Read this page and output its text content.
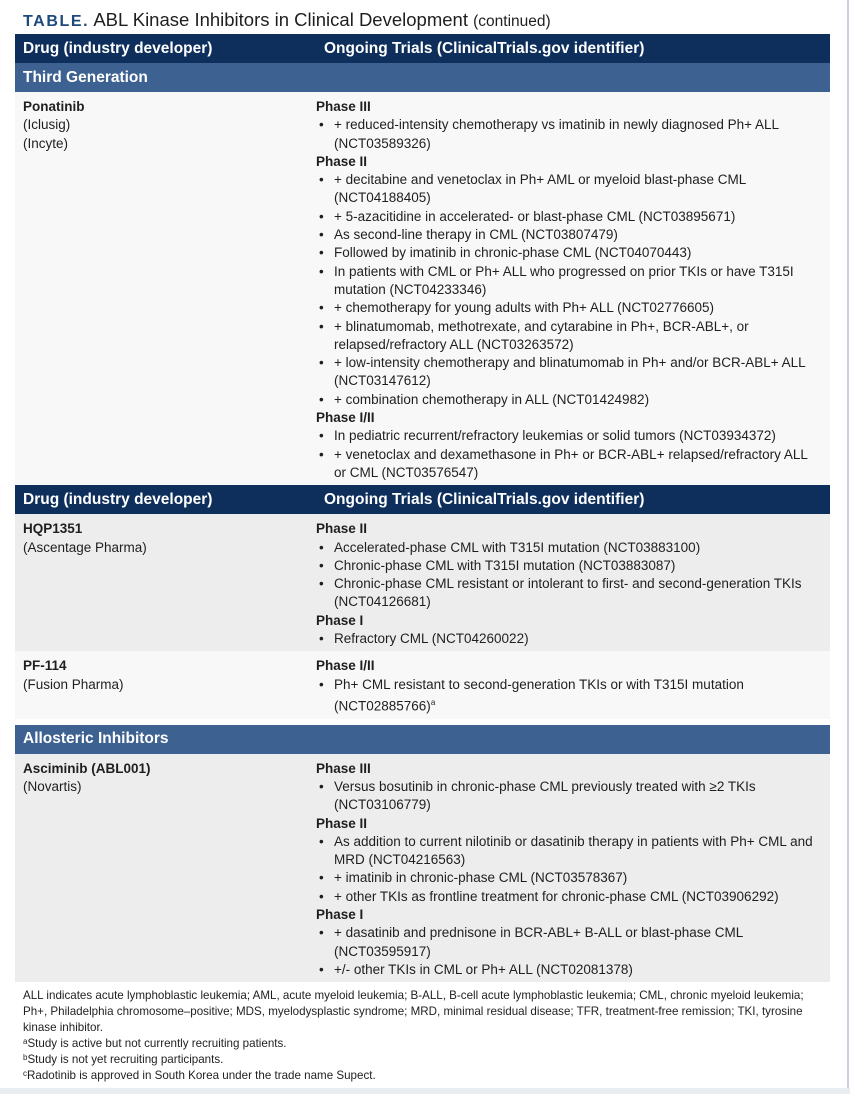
TABLE. ABL Kinase Inhibitors in Clinical Development (continued)
Drug (industry developer)	Ongoing Trials (ClinicalTrials.gov identifier)
Third Generation
Ponatinib
(Iclusig)
(Incyte)
Phase III
• + reduced-intensity chemotherapy vs imatinib in newly diagnosed Ph+ ALL (NCT03589326)
Phase II
• + decitabine and venetoclax in Ph+ AML or myeloid blast-phase CML (NCT04188405)
• + 5-azacitidine in accelerated- or blast-phase CML (NCT03895671)
• As second-line therapy in CML (NCT03807479)
• Followed by imatinib in chronic-phase CML (NCT04070443)
• In patients with CML or Ph+ ALL who progressed on prior TKIs or have T315I mutation (NCT04233346)
• + chemotherapy for young adults with Ph+ ALL (NCT02776605)
• + blinatumomab, methotrexate, and cytarabine in Ph+, BCR-ABL+, or relapsed/refractory ALL (NCT03263572)
• + low-intensity chemotherapy and blinatumomab in Ph+ and/or BCR-ABL+ ALL (NCT03147612)
• + combination chemotherapy in ALL (NCT01424982)
Phase I/II
• In pediatric recurrent/refractory leukemias or solid tumors (NCT03934372)
• + venetoclax and dexamethasone in Ph+ or BCR-ABL+ relapsed/refractory ALL or CML (NCT03576547)
Drug (industry developer)	Ongoing Trials (ClinicalTrials.gov identifier)
HQP1351
(Ascentage Pharma)
Phase II
• Accelerated-phase CML with T315I mutation (NCT03883100)
• Chronic-phase CML with T315I mutation (NCT03883087)
• Chronic-phase CML resistant or intolerant to first- and second-generation TKIs (NCT04126681)
Phase I
• Refractory CML (NCT04260022)
PF-114
(Fusion Pharma)
Phase I/II
• Ph+ CML resistant to second-generation TKIs or with T315I mutation $(NCT02885766)^a$
Allosteric Inhibitors
Asciminib (ABL001)
(Novartis)
Phase III
• Versus bosutinib in chronic-phase CML previously treated with ≥2 TKIs (NCT03106779)
Phase II
• As addition to current nilotinib or dasatinib therapy in patients with Ph+ CML and MRD (NCT04216563)
• + imatinib in chronic-phase CML (NCT03578367)
• + other TKIs as frontline treatment for chronic-phase CML (NCT03906292)
Phase I
• + dasatinib and prednisone in BCR-ABL+ B-ALL or blast-phase CML (NCT03595917)
• +/- other TKIs in CML or Ph+ ALL (NCT02081378)
ALL indicates acute lymphoblastic leukemia; AML, acute myeloid leukemia; B-ALL, B-cell acute lymphoblastic leukemia; CML, chronic myeloid leukemia; Ph+, Philadelphia chromosome–positive; MDS, myelodysplastic syndrome; MRD, minimal residual disease; TFR, treatment-free remission; TKI, tyrosine kinase inhibitor.
$^a$Study is active but not currently recruiting patients.
$^b$Study is not yet recruiting participants.
$^c$Radotinib is approved in South Korea under the trade name Supect.
